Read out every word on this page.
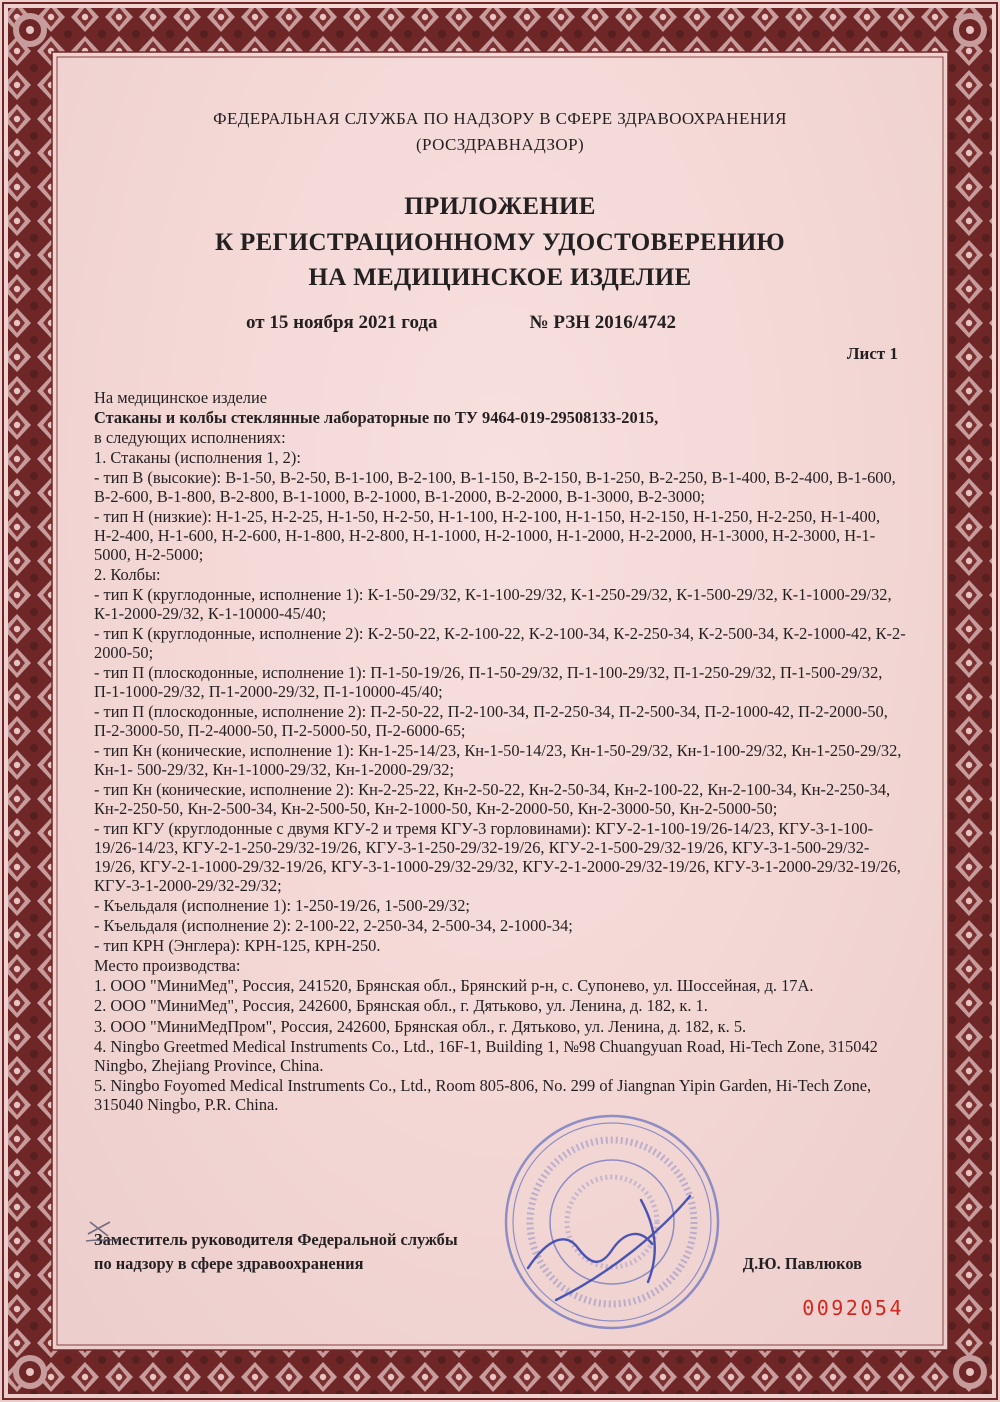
ФЕДЕРАЛЬНАЯ СЛУЖБА ПО НАДЗОРУ В СФЕРЕ ЗДРАВООХРАНЕНИЯ
(РОСЗДРАВНАДЗОР)
ПРИЛОЖЕНИЕ
К РЕГИСТРАЦИОННОМУ УДОСТОВЕРЕНИЮ
НА МЕДИЦИНСКОЕ ИЗДЕЛИЕ
от 15 ноября 2021 года	№ РЗН 2016/4742
Лист 1

На медицинское изделие

Стаканы и колбы стеклянные лабораторные по ТУ 9464-019-29508133-2015,

в следующих исполнениях:

1. Стаканы (исполнения 1, 2):

- тип В (высокие): В-1-50, В-2-50, В-1-100, В-2-100, В-1-150, В-2-150, В-1-250, В-2-250, В-1-400, В-2-400, В-1-600, В-2-600, В-1-800, В-2-800, В-1-1000, В-2-1000, В-1-2000, В-2-2000, В-1-3000, В-2-3000;

- тип Н (низкие): Н-1-25, Н-2-25, Н-1-50, Н-2-50, Н-1-100, Н-2-100, Н-1-150, Н-2-150, Н-1-250, Н-2-250, Н-1-400, Н-2-400, Н-1-600, Н-2-600, Н-1-800, Н-2-800, Н-1-1000, Н-2-1000, Н-1-2000, Н-2-2000, Н-1-3000, Н-2-3000, Н-1-5000, Н-2-5000;

2. Колбы:

- тип К (круглодонные, исполнение 1): К-1-50-29/32, К-1-100-29/32, К-1-250-29/32, К-1-500-29/32, К-1-1000-29/32, К-1-2000-29/32, К-1-10000-45/40;

- тип К (круглодонные, исполнение 2): К-2-50-22, К-2-100-22, К-2-100-34, К-2-250-34, К-2-500-34, К-2-1000-42, К-2-2000-50;

- тип П (плоскодонные, исполнение 1): П-1-50-19/26, П-1-50-29/32, П-1-100-29/32, П-1-250-29/32, П-1-500-29/32, П-1-1000-29/32, П-1-2000-29/32, П-1-10000-45/40;

- тип П (плоскодонные, исполнение 2): П-2-50-22, П-2-100-34, П-2-250-34, П-2-500-34, П-2-1000-42, П-2-2000-50, П-2-3000-50, П-2-4000-50, П-2-5000-50, П-2-6000-65;

- тип Кн (конические, исполнение 1): Кн-1-25-14/23, Кн-1-50-14/23, Кн-1-50-29/32, Кн-1-100-29/32, Кн-1-250-29/32, Кн-1- 500-29/32, Кн-1-1000-29/32, Кн-1-2000-29/32;

- тип Кн (конические, исполнение 2): Кн-2-25-22, Кн-2-50-22, Кн-2-50-34, Кн-2-100-22, Кн-2-100-34, Кн-2-250-34, Кн-2-250-50, Кн-2-500-34, Кн-2-500-50, Кн-2-1000-50, Кн-2-2000-50, Кн-2-3000-50, Кн-2-5000-50;

- тип КГУ (круглодонные с двумя КГУ-2 и тремя КГУ-3 горловинами): КГУ-2-1-100-19/26-14/23, КГУ-3-1-100-19/26-14/23, КГУ-2-1-250-29/32-19/26, КГУ-3-1-250-29/32-19/26, КГУ-2-1-500-29/32-19/26, КГУ-3-1-500-29/32-19/26, КГУ-2-1-1000-29/32-19/26, КГУ-3-1-1000-29/32-29/32, КГУ-2-1-2000-29/32-19/26, КГУ-3-1-2000-29/32-19/26, КГУ-3-1-2000-29/32-29/32;

- Къельдаля (исполнение 1): 1-250-19/26, 1-500-29/32;

- Къельдаля (исполнение 2): 2-100-22, 2-250-34, 2-500-34, 2-1000-34;

- тип КРН (Энглера): КРН-125, КРН-250.

Место производства:

1. ООО "МиниМед", Россия, 241520, Брянская обл., Брянский р-н, с. Супонево, ул. Шоссейная, д. 17А.

2. ООО "МиниМед", Россия, 242600, Брянская обл., г. Дятьково, ул. Ленина, д. 182, к. 1.

3. ООО "МиниМедПром", Россия, 242600, Брянская обл., г. Дятьково, ул. Ленина, д. 182, к. 5.

4. Ningbo Greetmed Medical Instruments Co., Ltd., 16F-1, Building 1, №98 Chuangyuan Road, Hi-Tech Zone, 315042 Ningbo, Zhejiang Province, China.

5. Ningbo Foyomed Medical Instruments Co., Ltd., Room 805-806, No. 299 of Jiangnan Yipin Garden, Hi-Tech Zone, 315040 Ningbo, P.R. China.

Заместитель руководителя Федеральной службы
по надзору в сфере здравоохранения	Д.Ю. Павлюков
0092054
